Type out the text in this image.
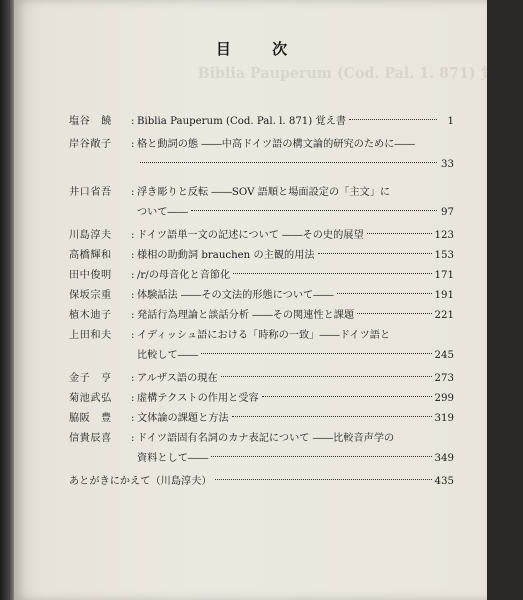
Biblia Pauperum (Cod. Pal. 1. 871) 覚え書
目 次
塩谷　饒	: Biblia Pauperum (Cod. Pal. l. 871) 覚え書	1
岸谷敞子	: 格と動詞の態 ――中高ドイツ語の構文論的研究のために――
33
井口省吾	: 浮き彫りと反転 ――SOV 語順と場面設定の「主文」に
ついて――	97
川島淳夫	: ドイツ語単一文の記述について ――その史的展望	123
高橋輝和	: 様相の助動詞 brauchen の主観的用法	153
田中俊明	: /r/の母音化と音節化	171
保坂宗重	: 体験話法 ――その文法的形態について――	191
植木迪子	: 発話行為理論と談話分析 ――その関連性と課題	221
上田和夫	: イディッシュ語における「時称の一致」――ドイツ語と
比較して――	245
金子　亨	: アルザス語の現在	273
菊池武弘	: 虚構テクストの作用と受容	299
脇阪　豊	: 文体論の課題と方法	319
信貴辰喜	: ドイツ語固有名詞のカナ表記について ――比較音声学の
資料として――	349
あとがきにかえて（川島淳夫）	435
